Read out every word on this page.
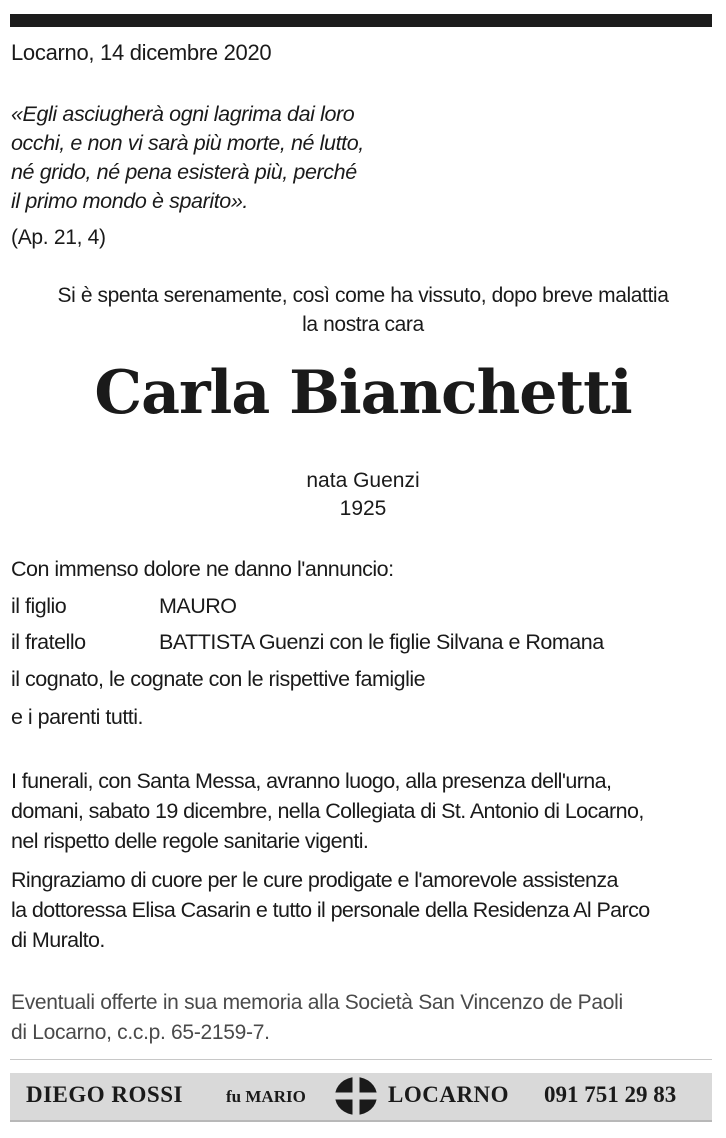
Locarno, 14 dicembre 2020

«Egli asciugherà ogni lagrima dai loro
occhi, e non vi sarà più morte, né lutto,
né grido, né pena esisterà più, perché
il primo mondo è sparito».

(Ap. 21, 4)

Si è spenta serenamente, così come ha vissuto, dopo breve malattia

la nostra cara

Carla Bianchetti

nata Guenzi

1925

Con immenso dolore ne danno l'annuncio:

il figlio	MAURO
il fratello	BATTISTA Guenzi con le figlie Silvana e Romana

il cognato, le cognate con le rispettive famiglie

e i parenti tutti.

I funerali, con Santa Messa, avranno luogo, alla presenza dell'urna,
domani, sabato 19 dicembre, nella Collegiata di St. Antonio di Locarno,
nel rispetto delle regole sanitarie vigenti.
Ringraziamo di cuore per le cure prodigate e l'amorevole assistenza
la dottoressa Elisa Casarin e tutto il personale della Residenza Al Parco
di Muralto.
Eventuali offerte in sua memoria alla Società San Vincenzo de Paoli
di Locarno, c.c.p. 65-2159-7.
DIEGO ROSSI	fu MARIO	LOCARNO 091 751 29 83
